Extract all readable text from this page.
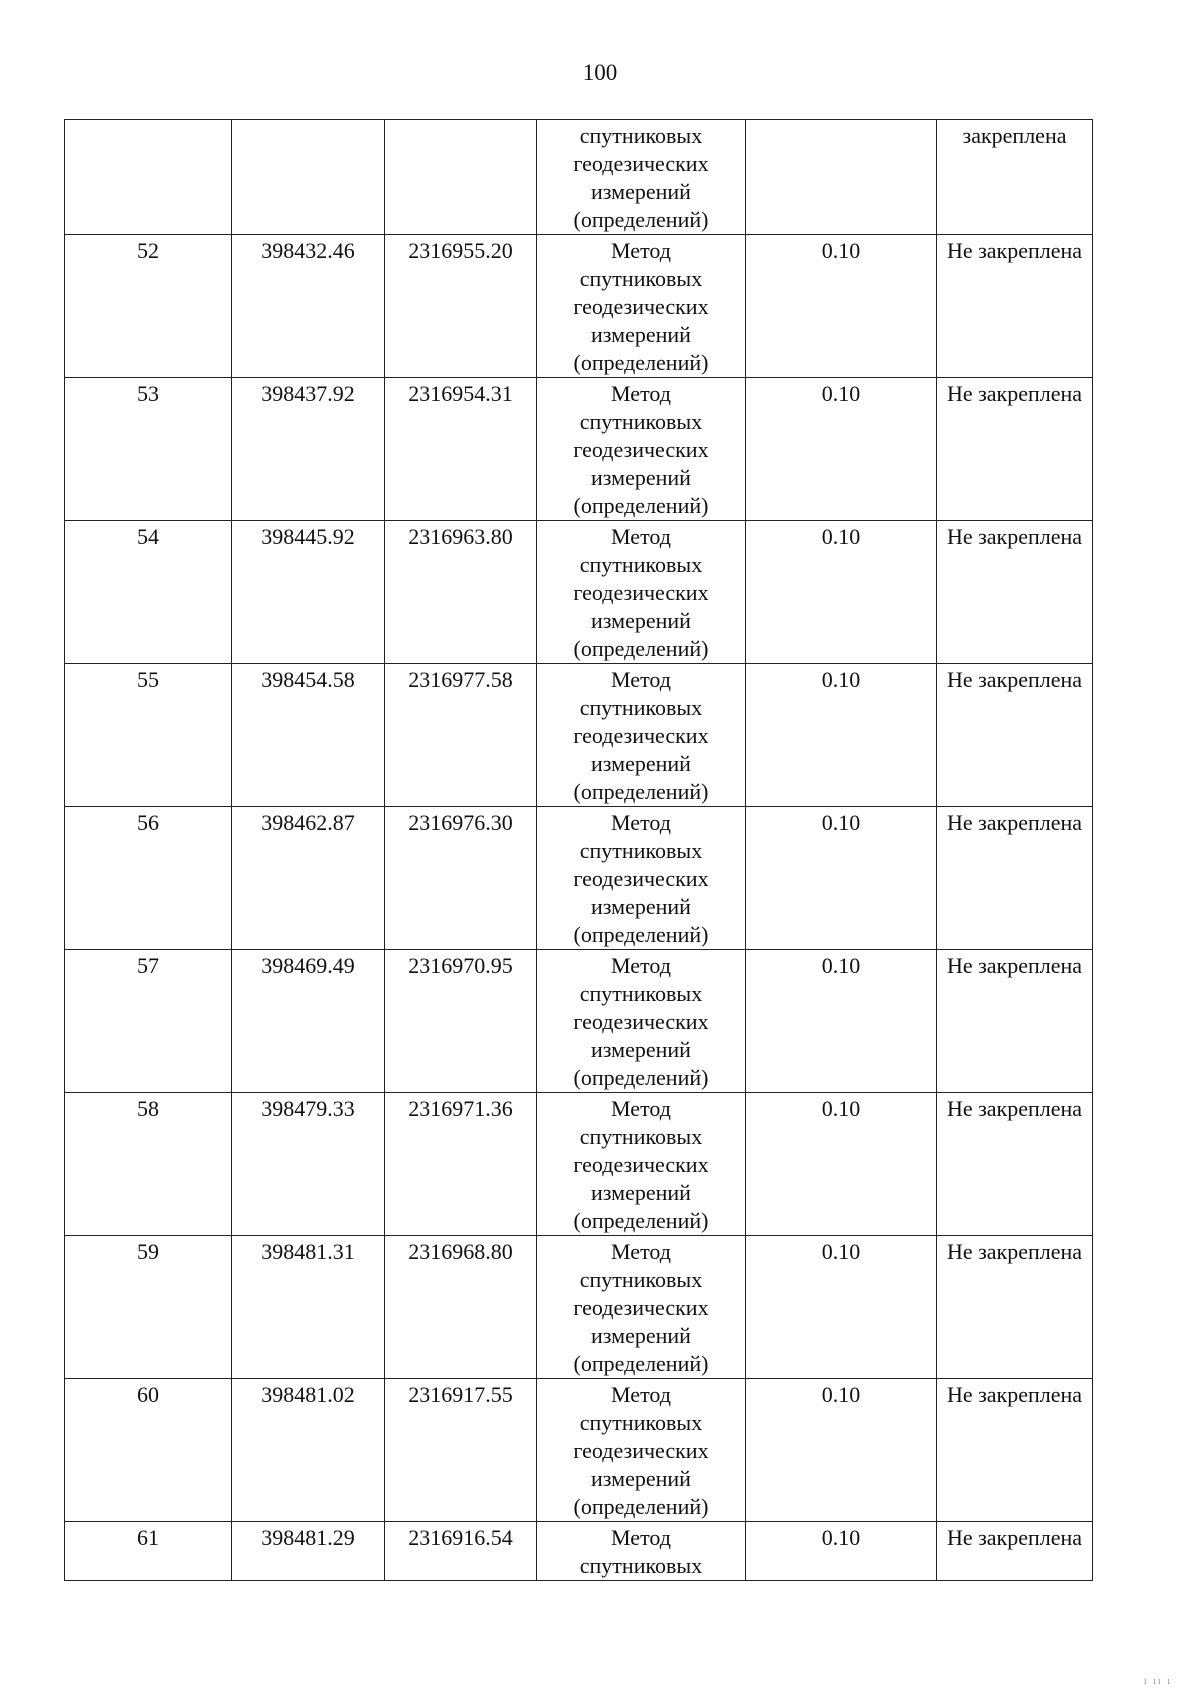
100

			спутниковых
геодезических
измерений
(определений)		закреплена
52	398432.46	2316955.20	Метод
спутниковых
геодезических
измерений
(определений)	0.10	Не закреплена
53	398437.92	2316954.31	Метод
спутниковых
геодезических
измерений
(определений)	0.10	Не закреплена
54	398445.92	2316963.80	Метод
спутниковых
геодезических
измерений
(определений)	0.10	Не закреплена
55	398454.58	2316977.58	Метод
спутниковых
геодезических
измерений
(определений)	0.10	Не закреплена
56	398462.87	2316976.30	Метод
спутниковых
геодезических
измерений
(определений)	0.10	Не закреплена
57	398469.49	2316970.95	Метод
спутниковых
геодезических
измерений
(определений)	0.10	Не закреплена
58	398479.33	2316971.36	Метод
спутниковых
геодезических
измерений
(определений)	0.10	Не закреплена
59	398481.31	2316968.80	Метод
спутниковых
геодезических
измерений
(определений)	0.10	Не закреплена
60	398481.02	2316917.55	Метод
спутниковых
геодезических
измерений
(определений)	0.10	Не закреплена
61	398481.29	2316916.54	Метод
спутниковых	0.10	Не закреплена
ı ıı ı
